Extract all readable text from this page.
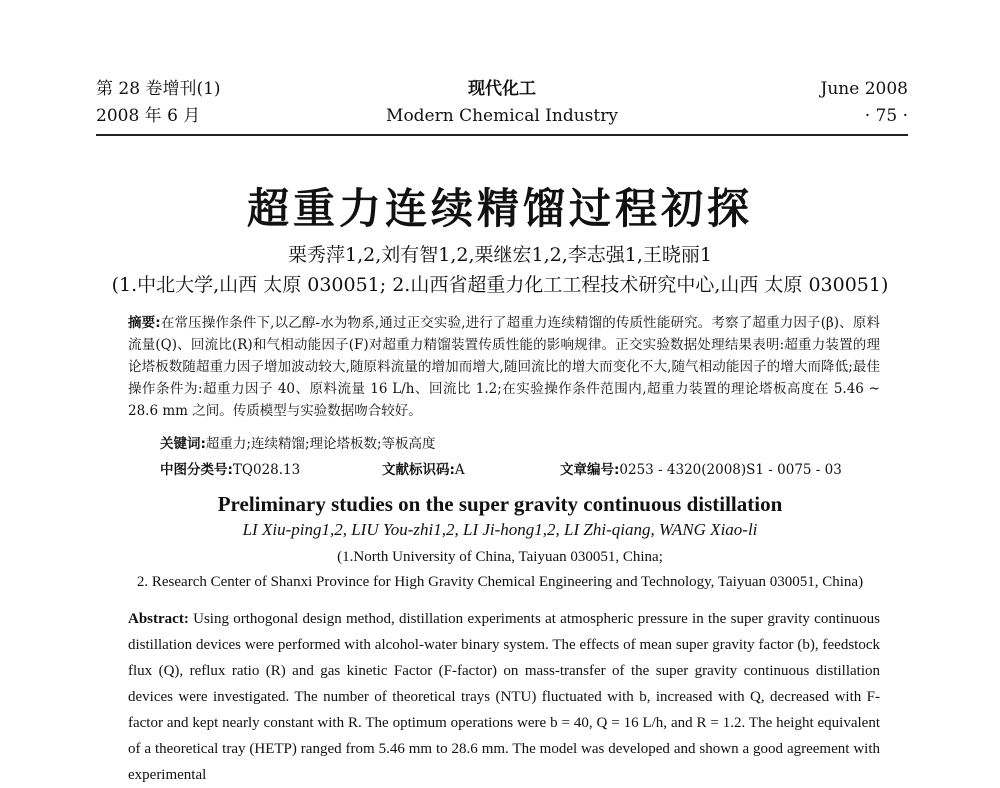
第 28 卷增刊(1)
2008 年 6 月
现代化工
Modern Chemical Industry
June 2008
· 75 ·
超重力连续精馏过程初探
栗秀萍1,2,刘有智1,2,栗继宏1,2,李志强1,王晓丽1
(1.中北大学,山西 太原 030051; 2.山西省超重力化工工程技术研究中心,山西 太原 030051)
摘要:在常压操作条件下,以乙醇-水为物系,通过正交实验,进行了超重力连续精馏的传质性能研究。考察了超重力因子(β)、原料流量(Q)、回流比(R)和气相动能因子(F)对超重力精馏装置传质性能的影响规律。正交实验数据处理结果表明:超重力装置的理论塔板数随超重力因子增加波动较大,随原料流量的增加而增大,随回流比的增大而变化不大,随气相动能因子的增大而降低;最佳操作条件为:超重力因子 40、原料流量 16 L/h、回流比 1.2;在实验操作条件范围内,超重力装置的理论塔板高度在 5.46 ~ 28.6 mm 之间。传质模型与实验数据吻合较好。
关键词:超重力;连续精馏;理论塔板数;等板高度
中图分类号:TQ028.13	文献标识码:A	文章编号:0253 - 4320(2008)S1 - 0075 - 03
Preliminary studies on the super gravity continuous distillation
LI Xiu-ping1,2, LIU You-zhi1,2, LI Ji-hong1,2, LI Zhi-qiang, WANG Xiao-li
(1.North University of China, Taiyuan 030051, China;
2. Research Center of Shanxi Province for High Gravity Chemical Engineering and Technology, Taiyuan 030051, China)
Abstract: Using orthogonal design method, distillation experiments at atmospheric pressure in the super gravity continuous distillation devices were performed with alcohol-water binary system. The effects of mean super gravity factor (b), feedstock flux (Q), reflux ratio (R) and gas kinetic Factor (F-factor) on mass-transfer of the super gravity continuous distillation devices were investigated. The number of theoretical trays (NTU) fluctuated with b, increased with Q, decreased with F-factor and kept nearly constant with R. The optimum operations were b = 40, Q = 16 L/h, and R = 1.2. The height equivalent of a theoretical tray (HETP) ranged from 5.46 mm to 28.6 mm. The model was developed and shown a good agreement with experimental
